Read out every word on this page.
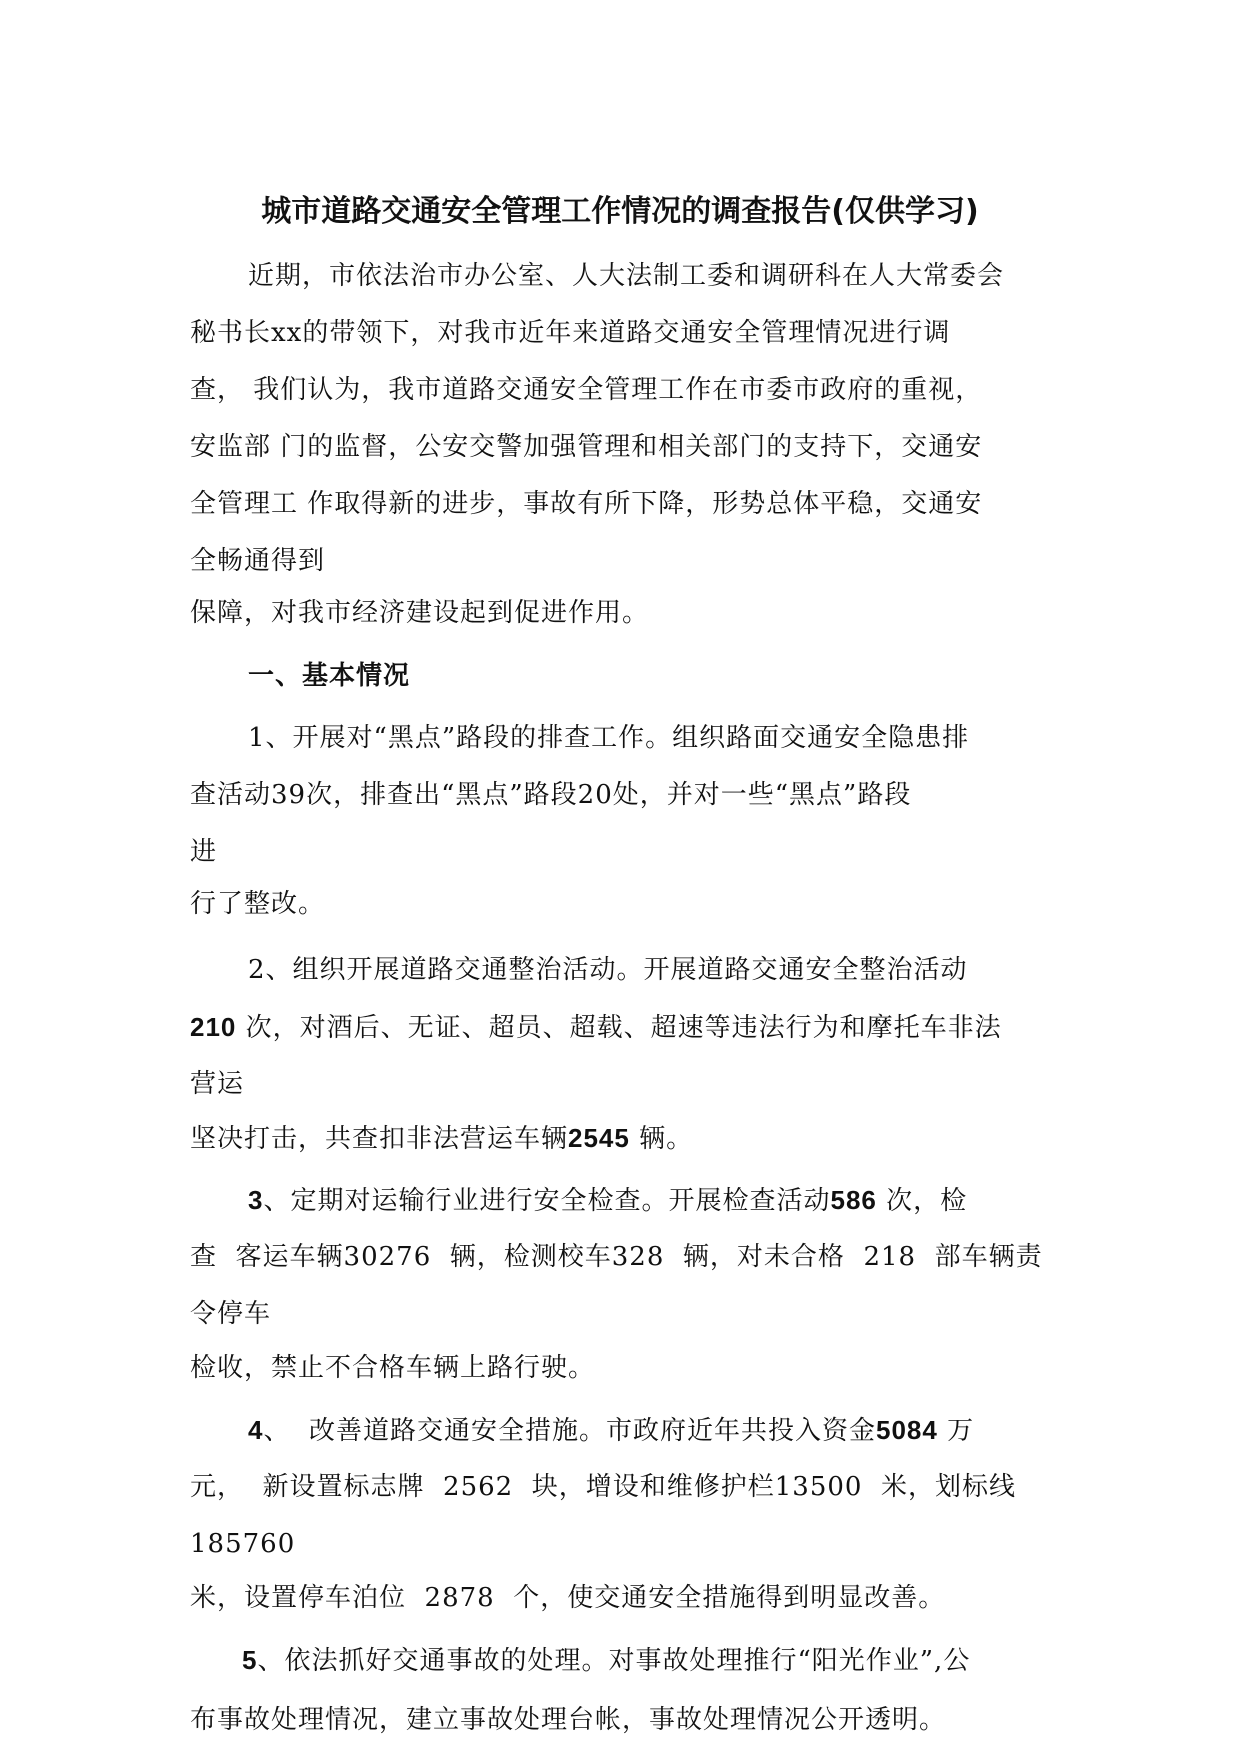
城市道路交通安全管理工作情况的调查报告(仅供学习)
近期，市依法治市办公室、人大法制工委和调研科在人大常委会
秘书长xx的带领下，对我市近年来道路交通安全管理情况进行调
查， 我们认为，我市道路交通安全管理工作在市委市政府的重视，
安监部 门的监督，公安交警加强管理和相关部门的支持下，交通安
全管理工 作取得新的进步，事故有所下降，形势总体平稳，交通安
全畅通得到
保障，对我市经济建设起到促进作用。
一、基本情况
1、开展对“黑点”路段的排查工作。组织路面交通安全隐患排
查活动39次，排查出“黑点”路段20处，并对一些“黑点”路段
进
行了整改。
2、组织开展道路交通整治活动。开展道路交通安全整治活动
210 次，对酒后、无证、超员、超载、超速等违法行为和摩托车非法
营运
坚决打击，共查扣非法营运车辆2545 辆。
3、定期对运输行业进行安全检查。开展检查活动586 次，检
查  客运车辆30276  辆，检测校车328  辆，对未合格  218  部车辆责
令停车
检收，禁止不合格车辆上路行驶。
4、  改善道路交通安全措施。市政府近年共投入资金5084 万
元，  新设置标志牌  2562  块，增设和维修护栏13500  米，划标线
185760
米，设置停车泊位  2878  个，使交通安全措施得到明显改善。
5、依法抓好交通事故的处理。对事故处理推行“阳光作业”,公
布事故处理情况，建立事故处理台帐，事故处理情况公开透明。
